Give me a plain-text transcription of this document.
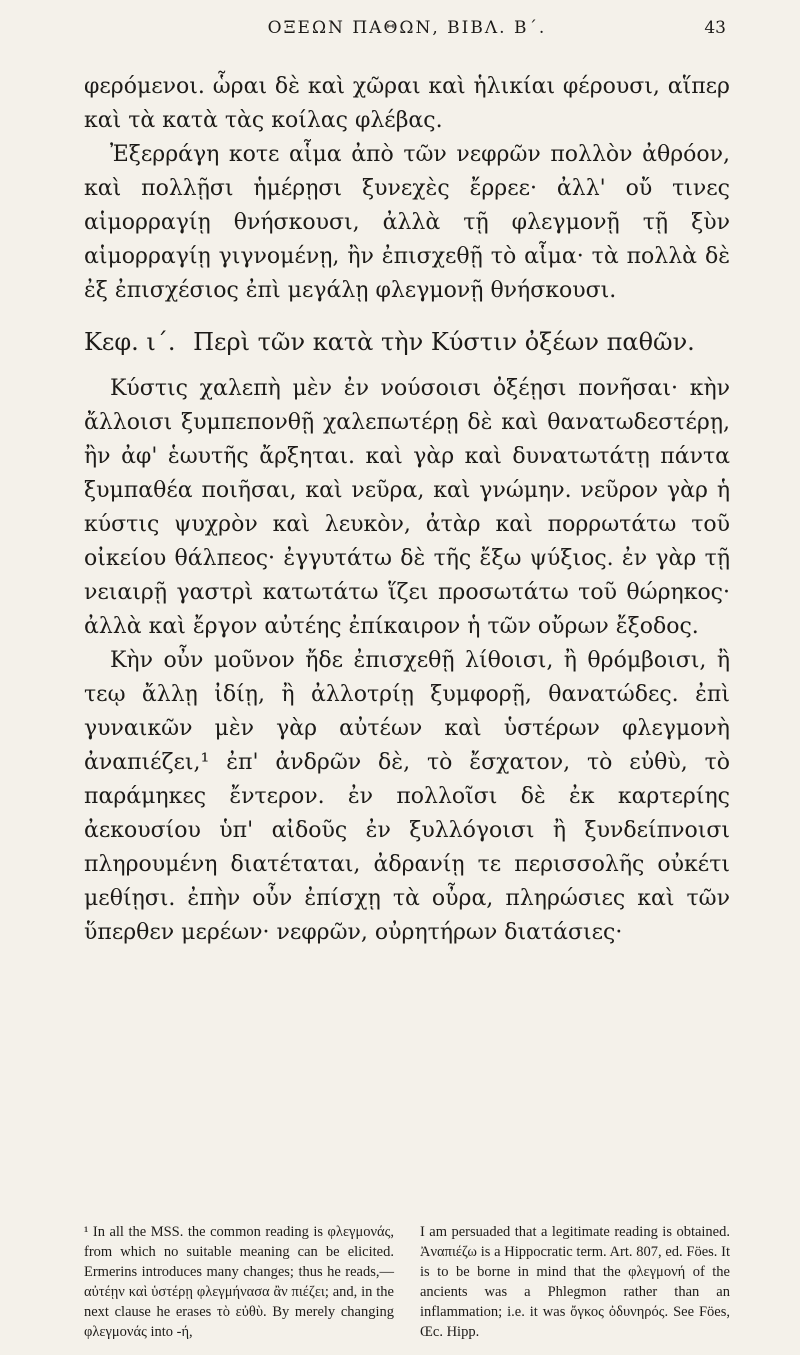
ΟΞΕΩΝ ΠΑΘΩΝ, ΒΙΒΛ. Β΄.	43

φερόμενοι. ὧραι δὲ καὶ χῶραι καὶ ἡλικίαι φέρουσι, αἵπερ καὶ τὰ κατὰ τὰς κοίλας φλέβας.

Ἐξερράγη κοτε αἷμα ἀπὸ τῶν νεφρῶν πολλὸν ἀθρόον, καὶ πολλῇσι ἡμέρῃσι ξυνεχὲς ἔρρεε· ἀλλ' οὔ τινες αἱμορραγίῃ θνήσκουσι, ἀλλὰ τῇ φλεγμονῇ τῇ ξὺν αἱμορραγίῃ γιγνομένῃ, ἢν ἐπισχεθῇ τὸ αἷμα· τὰ πολλὰ δὲ ἐξ ἐπισχέσιος ἐπὶ μεγάλῃ φλεγμονῇ θνήσκουσι.

Κεφ. ι΄. Περὶ τῶν κατὰ τὴν Κύστιν ὀξέων παθῶν.

Κύστις χαλεπὴ μὲν ἐν νούσοισι ὀξέῃσι πονῆσαι· κὴν ἄλλοισι ξυμπεπονθῇ χαλεπωτέρῃ δὲ καὶ θανατωδεστέρῃ, ἢν ἀφ' ἑωυτῆς ἄρξηται. καὶ γὰρ καὶ δυνατωτάτῃ πάντα ξυμπαθέα ποιῆσαι, καὶ νεῦρα, καὶ γνώμην. νεῦρον γὰρ ἡ κύστις ψυχρὸν καὶ λευκὸν, ἀτὰρ καὶ πορρωτάτω τοῦ οἰκείου θάλπεος· ἐγγυτάτω δὲ τῆς ἔξω ψύξιος. ἐν γὰρ τῇ νειαιρῇ γαστρὶ κατωτάτω ἵζει προσωτάτω τοῦ θώρηκος· ἀλλὰ καὶ ἔργον αὐτέης ἐπίκαιρον ἡ τῶν οὔρων ἔξοδος.

Κὴν οὖν μοῦνον ἤδε ἐπισχεθῇ λίθοισι, ἢ θρόμβοισι, ἢ τεῳ ἄλλῃ ἰδίῃ, ἢ ἀλλοτρίῃ ξυμφορῇ, θανατώδες. ἐπὶ γυναικῶν μὲν γὰρ αὐτέων καὶ ὑστέρων φλεγμονὴ ἀναπιέζει,¹ ἐπ' ἀνδρῶν δὲ, τὸ ἔσχατον, τὸ εὐθὺ, τὸ παράμηκες ἔντερον. ἐν πολλοῖσι δὲ ἐκ καρτερίης ἀεκουσίου ὑπ' αἰδοῦς ἐν ξυλλόγοισι ἢ ξυνδείπνοισι πληρουμένη διατέταται, ἀδρανίῃ τε περισσολῆς οὐκέτι μεθίῃσι. ἐπὴν οὖν ἐπίσχῃ τὰ οὖρα, πληρώσιες καὶ τῶν ὕπερθεν μερέων· νεφρῶν, οὐρητήρων διατάσιες·

¹ In all the MSS. the common reading is φλεγμονάς, from which no suitable meaning can be elicited. Ermerins introduces many changes; thus he reads,—αὐτέῃν καὶ ὑστέρῃ φλεγμήνασα ἂν πιέζει; and, in the next clause he erases τὸ εὐθὺ. By merely changing φλεγμονάς into -ή,

I am persuaded that a legitimate reading is obtained. Ἀναπιέζω is a Hippocratic term. Art. 807, ed. Föes. It is to be borne in mind that the φλεγμονή of the ancients was a Phlegmon rather than an inflammation; i.e. it was ὄγκος ὀδυνηρός. See Föes, Œc. Hipp.
